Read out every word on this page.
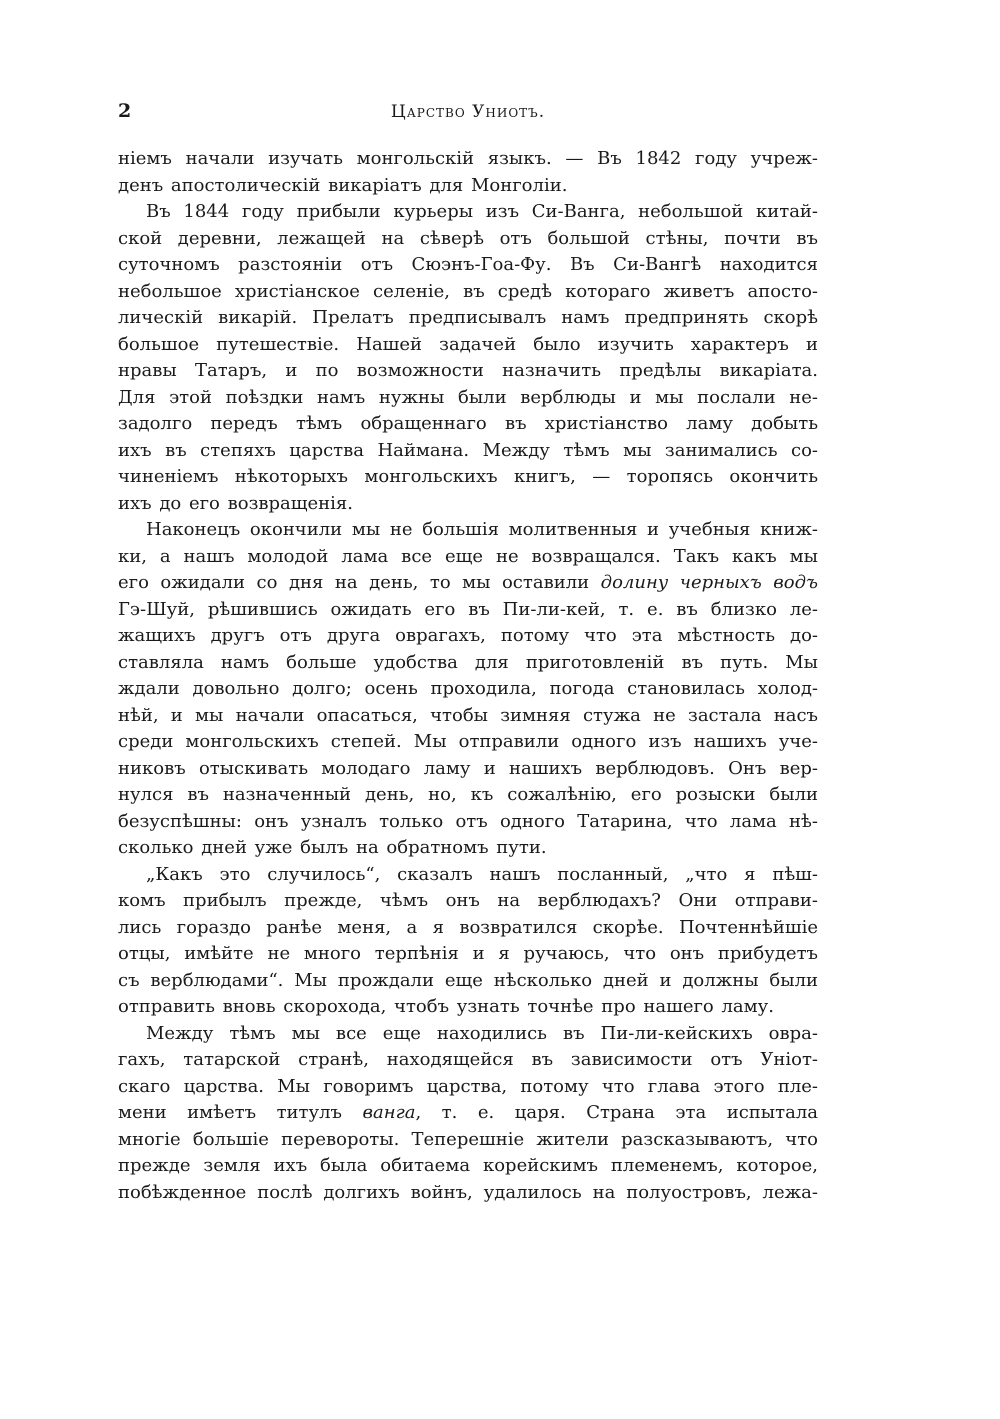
2	Царство Униотъ.

ніемъ начали изучать монгольскій языкъ. — Въ 1842 году учреж-
денъ апостолическій викаріатъ для Монголіи.

Въ 1844 году прибыли курьеры изъ Си-Ванга, небольшой китай-
ской деревни, лежащей на сѣверѣ отъ большой стѣны, почти въ
суточномъ разстояніи отъ Сюэнъ-Гоа-Фу. Въ Си-Вангѣ находится
небольшое христіанское селеніе, въ средѣ котораго живетъ апосто-
лическій викарій. Прелатъ предписывалъ намъ предпринять скорѣ
большое путешествіе. Нашей задачей было изучить характеръ и
нравы Татаръ, и по возможности назначить предѣлы викаріата.
Для этой поѣздки намъ нужны были верблюды и мы послали не-
задолго передъ тѣмъ обращеннаго въ христіанство ламу добыть
ихъ въ степяхъ царства Наймана. Между тѣмъ мы занимались со-
чиненіемъ нѣкоторыхъ монгольскихъ книгъ, — торопясь окончить
ихъ до его возвращенія.

Наконецъ окончили мы не большія молитвенныя и учебныя книж-
ки, а нашъ молодой лама все еще не возвращался. Такъ какъ мы
его ожидали со дня на день, то мы оставили долину черныхъ водъ
Гэ-Шуй, рѣшившись ожидать его въ Пи-ли-кей, т. е. въ близко ле-
жащихъ другъ отъ друга оврагахъ, потому что эта мѣстность до-
ставляла намъ больше удобства для приготовленій въ путь. Мы
ждали довольно долго; осень проходила, погода становилась холод-
нѣй, и мы начали опасаться, чтобы зимняя стужа не застала насъ
среди монгольскихъ степей. Мы отправили одного изъ нашихъ уче-
никовъ отыскивать молодаго ламу и нашихъ верблюдовъ. Онъ вер-
нулся въ назначенный день, но, къ сожалѣнію, его розыски были
безуспѣшны: онъ узналъ только отъ одного Татарина, что лама нѣ-
сколько дней уже былъ на обратномъ пути.

„Какъ это случилось“, сказалъ нашъ посланный, „что я пѣш-
комъ прибылъ прежде, чѣмъ онъ на верблюдахъ? Они отправи-
лись гораздо ранѣе меня, а я возвратился скорѣе. Почтеннѣйшіе
отцы, имѣйте не много терпѣнія и я ручаюсь, что онъ прибудетъ
съ верблюдами“. Мы прождали еще нѣсколько дней и должны были
отправить вновь скорохода, чтобъ узнать точнѣе про нашего ламу.

Между тѣмъ мы все еще находились въ Пи-ли-кейскихъ овра-
гахъ, татарской странѣ, находящейся въ зависимости отъ Уніот-
скаго царства. Мы говоримъ царства, потому что глава этого пле-
мени имѣетъ титулъ ванга, т. е. царя. Страна эта испытала
многіе большіе перевороты. Теперешніе жители разсказываютъ, что
прежде земля ихъ была обитаема корейскимъ племенемъ, которое,
побѣжденное послѣ долгихъ войнъ, удалилось на полуостровъ, лежа-
